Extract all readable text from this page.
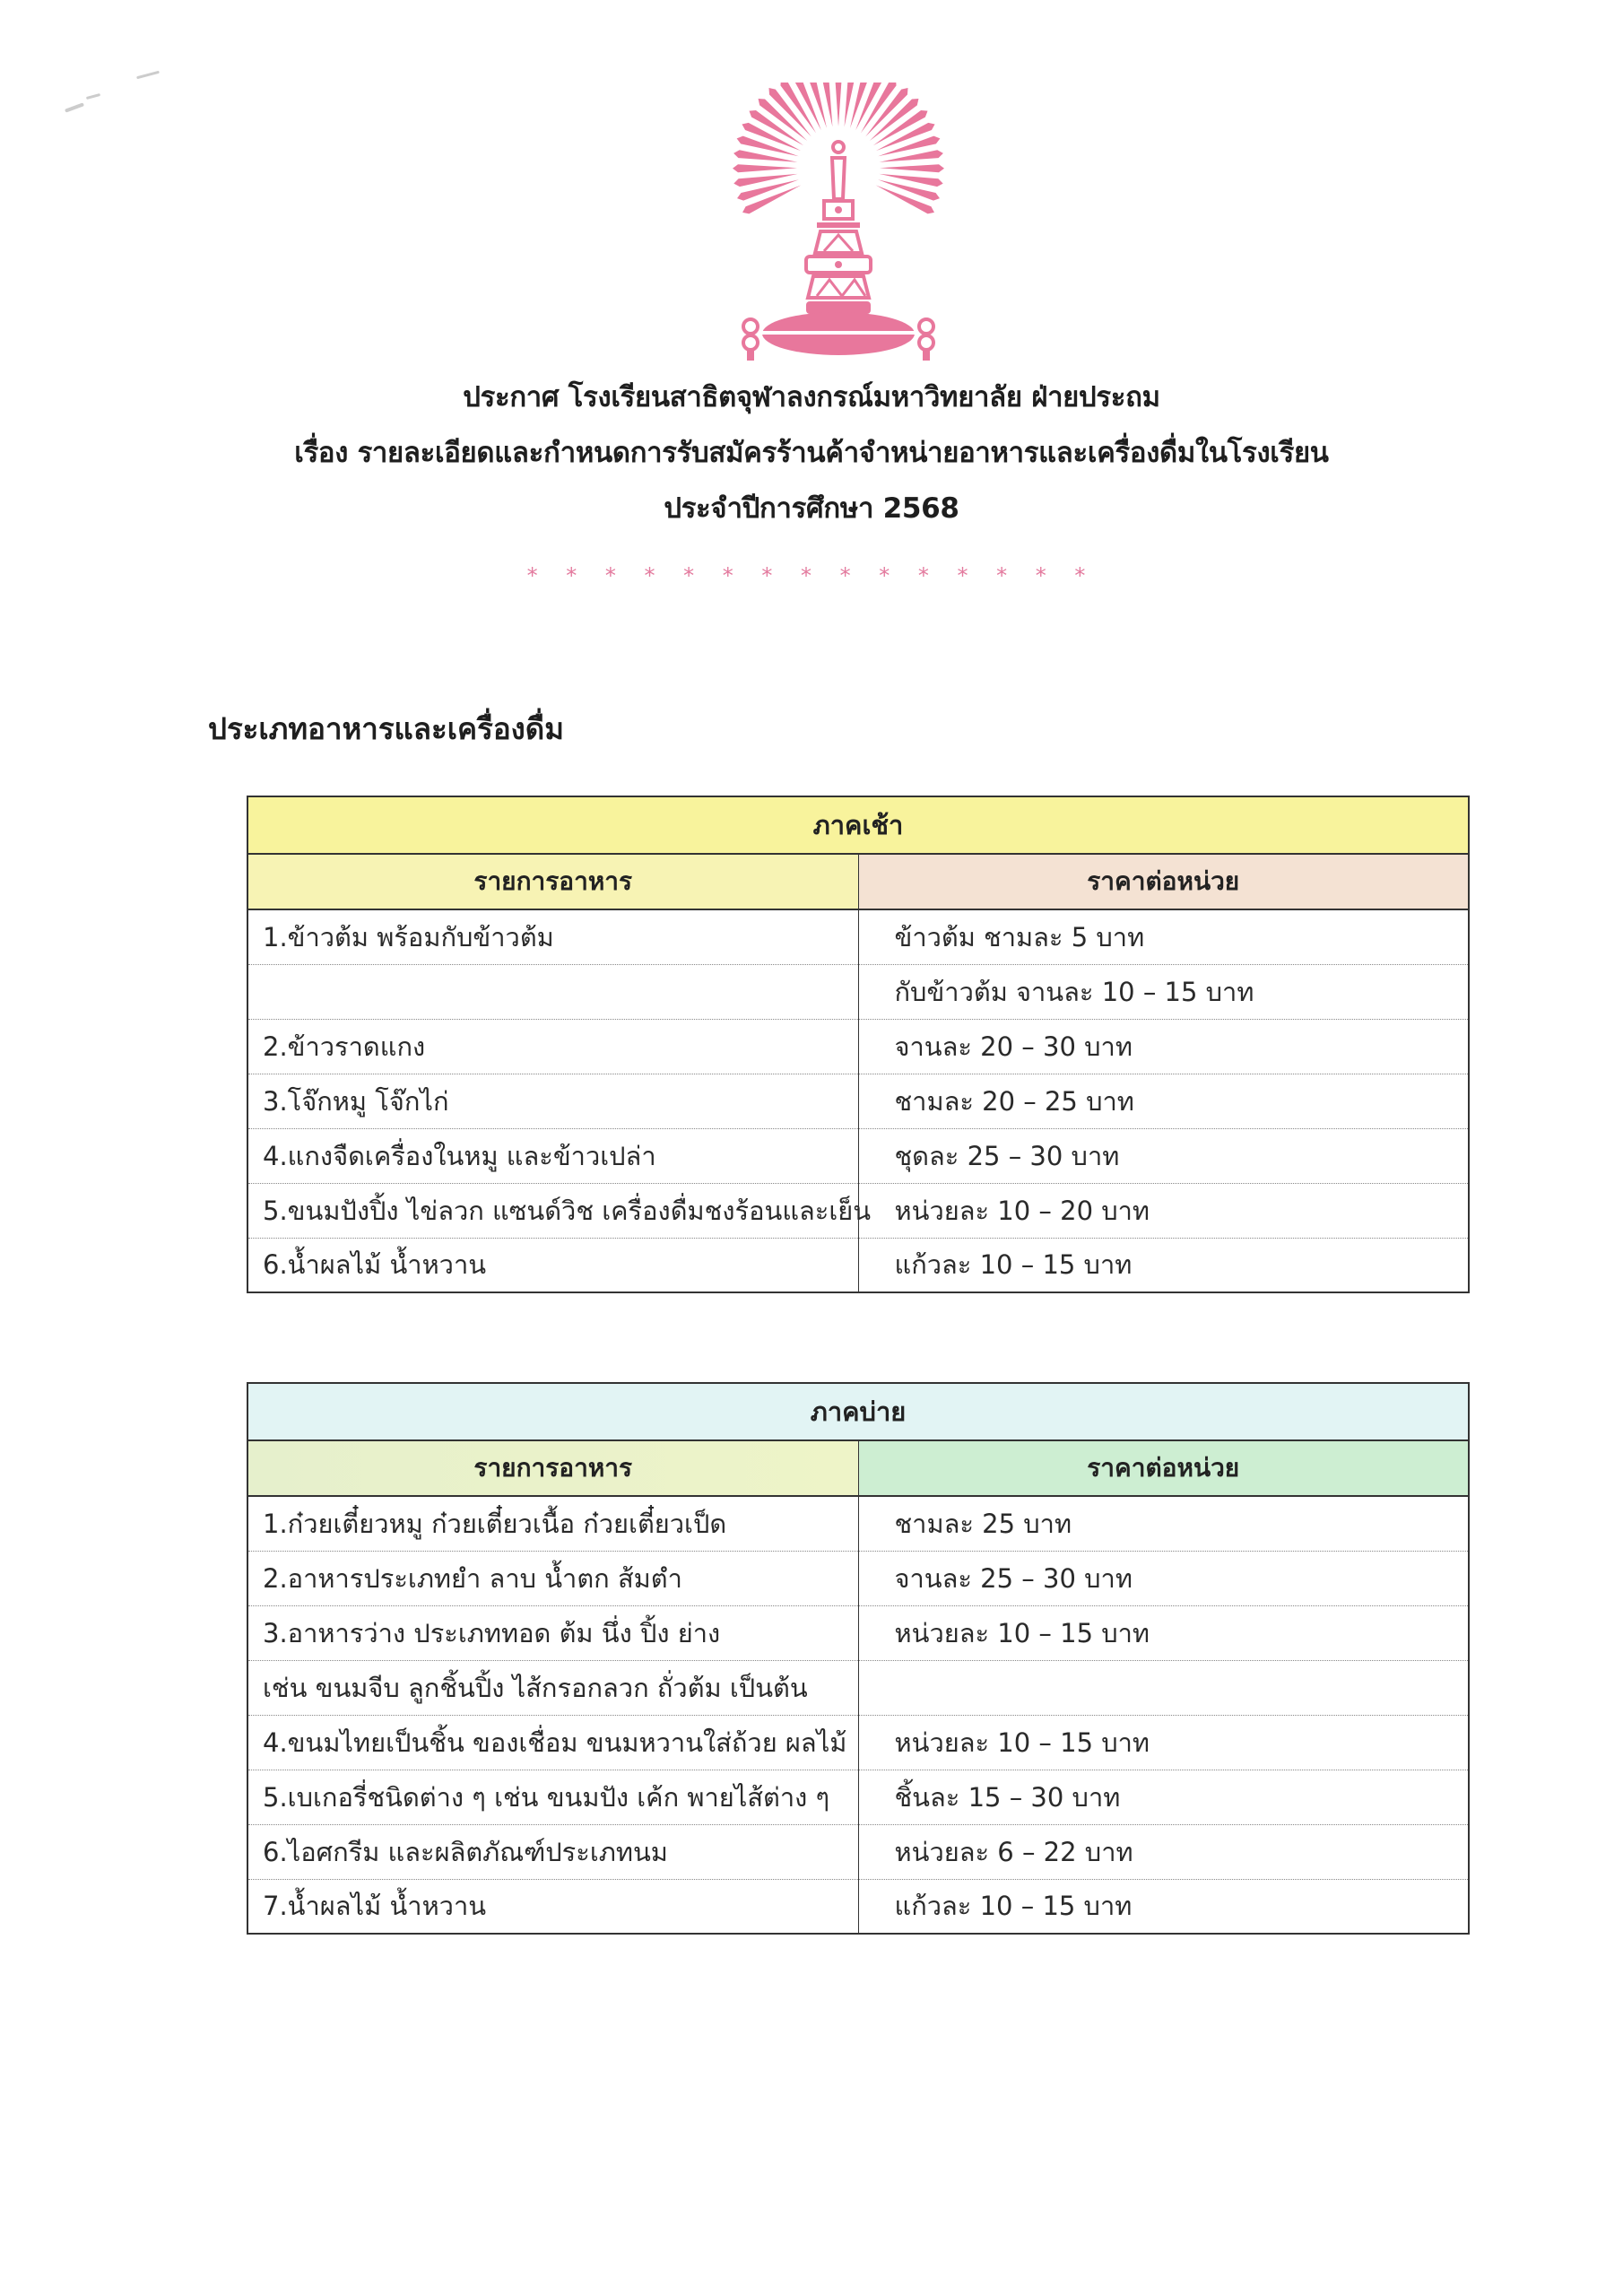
ประกาศ โรงเรียนสาธิตจุฬาลงกรณ์มหาวิทยาลัย ฝ่ายประถม
เรื่อง รายละเอียดและกำหนดการรับสมัครร้านค้าจำหน่ายอาหารและเครื่องดื่มในโรงเรียน
ประจำปีการศึกษา 2568
* * * * * * * * * * * * * * *
ประเภทอาหารและเครื่องดื่ม
ภาคเช้า	
รายการอาหาร	ราคาต่อหน่วย
1.ข้าวต้ม พร้อมกับข้าวต้ม	ข้าวต้ม ชามละ 5 บาท
	กับข้าวต้ม จานละ 10 – 15 บาท
2.ข้าวราดแกง	จานละ 20 – 30 บาท
3.โจ๊กหมู โจ๊กไก่	ชามละ 20 – 25 บาท
4.แกงจืดเครื่องในหมู และข้าวเปล่า	ชุดละ 25 – 30 บาท
5.ขนมปังปิ้ง ไข่ลวก แซนด์วิช เครื่องดื่มชงร้อนและเย็น	หน่วยละ 10 – 20 บาท
6.น้ำผลไม้ น้ำหวาน	แก้วละ 10 – 15 บาท
ภาคบ่าย	
รายการอาหาร	ราคาต่อหน่วย
1.ก๋วยเตี๋ยวหมู ก๋วยเตี๋ยวเนื้อ ก๋วยเตี๋ยวเป็ด	ชามละ 25 บาท
2.อาหารประเภทยำ ลาบ น้ำตก ส้มตำ	จานละ 25 – 30 บาท
3.อาหารว่าง ประเภททอด ต้ม นึ่ง ปิ้ง ย่าง	หน่วยละ 10 – 15 บาท
เช่น ขนมจีบ ลูกชิ้นปิ้ง ไส้กรอกลวก ถั่วต้ม เป็นต้น	
4.ขนมไทยเป็นชิ้น ของเชื่อม ขนมหวานใส่ถ้วย ผลไม้	หน่วยละ 10 – 15 บาท
5.เบเกอรี่ชนิดต่าง ๆ เช่น ขนมปัง เค้ก พายไส้ต่าง ๆ	ชิ้นละ 15 – 30 บาท
6.ไอศกรีม และผลิตภัณฑ์ประเภทนม	หน่วยละ 6 – 22 บาท
7.น้ำผลไม้ น้ำหวาน	แก้วละ 10 – 15 บาท
